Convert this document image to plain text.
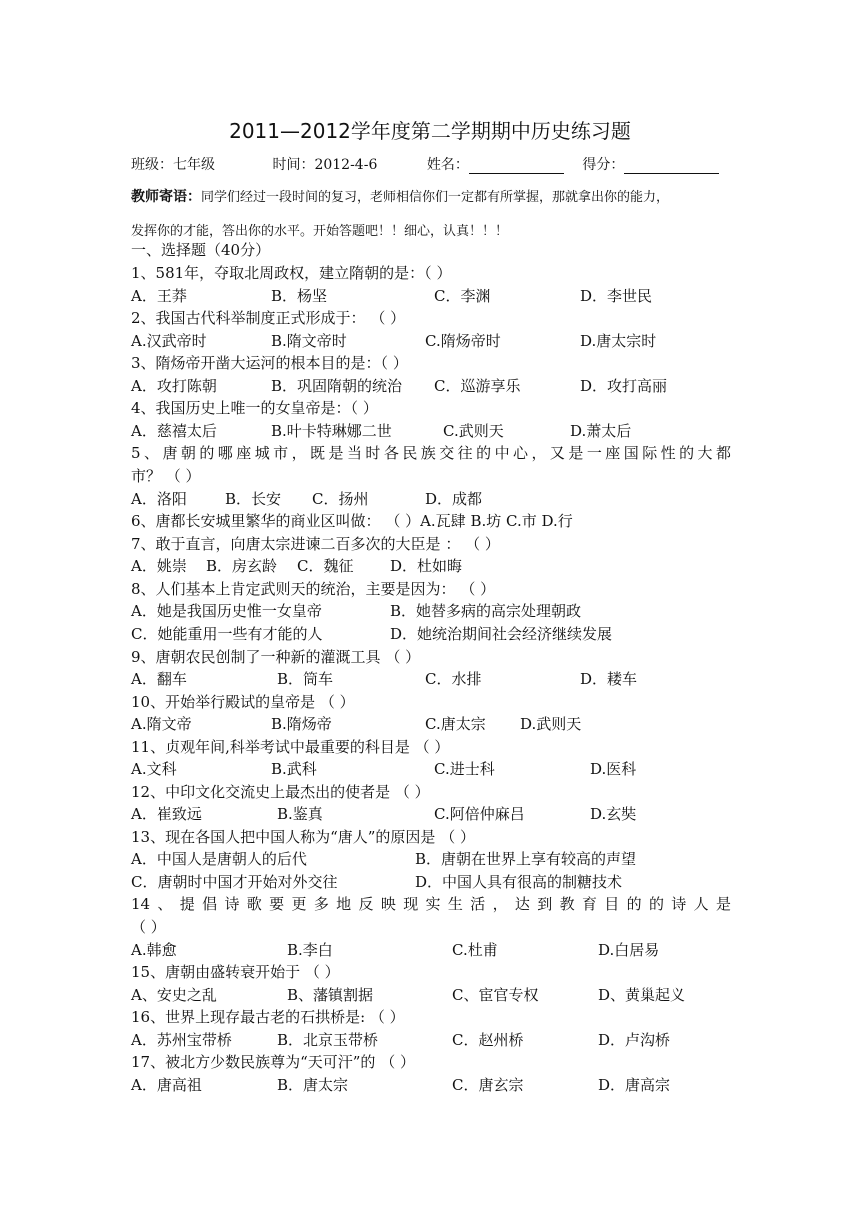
2011—2012学年度第二学期期中历史练习题
班级：七年级	时间：2012-4-6	姓名：	得分：
教师寄语：同学们经过一段时间的复习，老师相信你们一定都有所掌握，那就拿出你的能力，
发挥你的才能，答出你的水平。开始答题吧！！细心，认真！！！
一、选择题（40分）
1、581年，夺取北周政权，建立隋朝的是：（ ）
A．王莽	B．杨坚	C．李渊	D．李世民
2、我国古代科举制度正式形成于： （ ）
A.汉武帝时	B.隋文帝时	C.隋炀帝时	D.唐太宗时
3、隋炀帝开凿大运河的根本目的是：（ ）
A．攻打陈朝	B．巩固隋朝的统治 C．巡游享乐	D．攻打高丽
4、我国历史上唯一的女皇帝是：（ ）
A．慈禧太后	B.叶卡特琳娜二世	C.武则天	D.萧太后
5、唐朝的哪座城市，既是当时各民族交往的中心，又是一座国际性的大都
市？ （ ）
A．洛阳	B．长安 C．扬州	D．成都
6、唐都长安城里繁华的商业区叫做： （ ）A.瓦肆 B.坊 C.市 D.行
7、敢于直言，向唐太宗进谏二百多次的大臣是 ： （ ）
A．姚崇 B．房玄龄 C．魏征 D．杜如晦
8、人们基本上肯定武则天的统治，主要是因为： （ ）
A．她是我国历史惟一女皇帝	B．她替多病的高宗处理朝政
C．她能重用一些有才能的人	D．她统治期间社会经济继续发展
9、唐朝农民创制了一种新的灌溉工具 （ ）
A．翻车	B．筒车	C．水排	D．耧车
10、开始举行殿试的皇帝是 （ ）
A.隋文帝	B.隋炀帝	C.唐太宗 D.武则天
11、贞观年间,科举考试中最重要的科目是 （ ）
A.文科	B.武科	C.进士科	D.医科
12、中印文化交流史上最杰出的使者是 （ ）
A．崔致远	B.鉴真	C.阿倍仲麻吕	D.玄奘
13、现在各国人把中国人称为“唐人”的原因是 （ ）
A．中国人是唐朝人的后代	B．唐朝在世界上享有较高的声望
C．唐朝时中国才开始对外交往	D．中国人具有很高的制糖技术
14、提倡诗歌要更多地反映现实生活，达到教育目的的诗人是
（ ）
A.韩愈	B.李白	C.杜甫	D.白居易
15、唐朝由盛转衰开始于 （ ）
A、安史之乱	B、藩镇割据	C、宦官专权	D、黄巢起义
16、世界上现存最古老的石拱桥是: （ ）
A．苏州宝带桥	B．北京玉带桥	C．赵州桥	D．卢沟桥
17、被北方少数民族尊为“天可汗”的 （ ）
A．唐高祖	B．唐太宗	C．唐玄宗	D．唐高宗
